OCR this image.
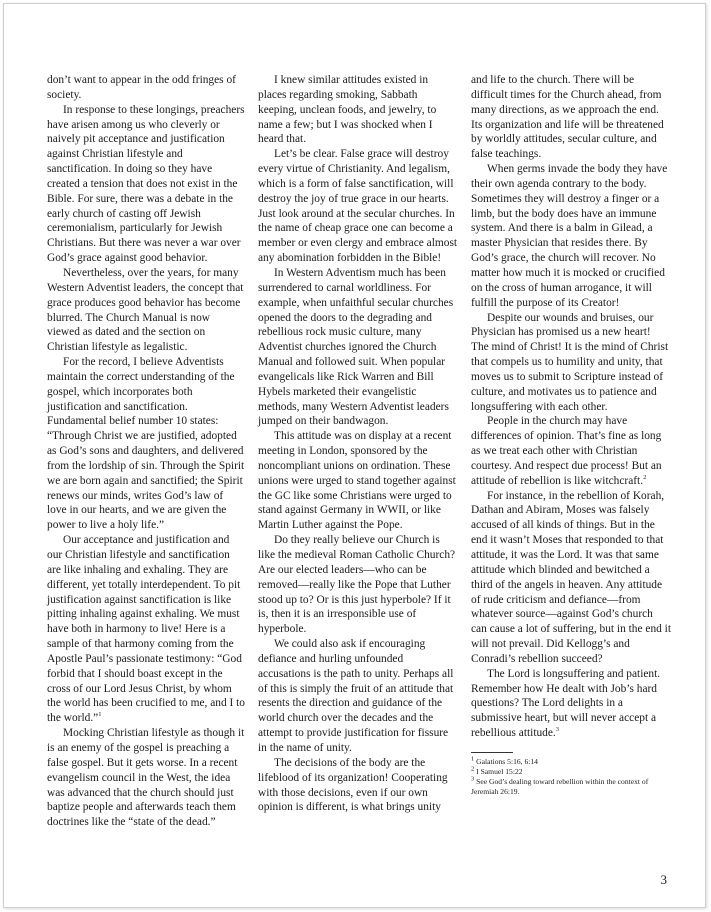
don’t want to appear in the odd fringes of society.

In response to these longings, preachers have arisen among us who cleverly or naively pit acceptance and justification against Christian lifestyle and sanctification. In doing so they have created a tension that does not exist in the Bible. For sure, there was a debate in the early church of casting off Jewish ceremonialism, particularly for Jewish Christians. But there was never a war over God’s grace against good behavior.

Nevertheless, over the years, for many Western Adventist leaders, the concept that grace produces good behavior has become blurred. The Church Manual is now viewed as dated and the section on Christian lifestyle as legalistic.

For the record, I believe Adventists maintain the correct understanding of the gospel, which incorporates both justification and sanctification. Fundamental belief number 10 states: “Through Christ we are justified, adopted as God’s sons and daughters, and delivered from the lordship of sin. Through the Spirit we are born again and sanctified; the Spirit renews our minds, writes God’s law of love in our hearts, and we are given the power to live a holy life.”

Our acceptance and justification and our Christian lifestyle and sanctification are like inhaling and exhaling. They are different, yet totally interdependent. To pit justification against sanctification is like pitting inhaling against exhaling. We must have both in harmony to live! Here is a sample of that harmony coming from the Apostle Paul’s passionate testimony: “God forbid that I should boast except in the cross of our Lord Jesus Christ, by whom the world has been crucified to me, and I to the world.”$^1$

Mocking Christian lifestyle as though it is an enemy of the gospel is preaching a false gospel. But it gets worse. In a recent evangelism council in the West, the idea was advanced that the church should just baptize people and afterwards teach them doctrines like the “state of the dead.”

I knew similar attitudes existed in places regarding smoking, Sabbath keeping, unclean foods, and jewelry, to name a few; but I was shocked when I heard that.

Let’s be clear. False grace will destroy every virtue of Christianity. And legalism, which is a form of false sanctification, will destroy the joy of true grace in our hearts. Just look around at the secular churches. In the name of cheap grace one can become a member or even clergy and embrace almost any abomination forbidden in the Bible!

In Western Adventism much has been surrendered to carnal worldliness. For example, when unfaithful secular churches opened the doors to the degrading and rebellious rock music culture, many Adventist churches ignored the Church Manual and followed suit. When popular evangelicals like Rick Warren and Bill Hybels marketed their evangelistic methods, many Western Adventist leaders jumped on their bandwagon.

This attitude was on display at a recent meeting in London, sponsored by the noncompliant unions on ordination. These unions were urged to stand together against the GC like some Christians were urged to stand against Germany in WWII, or like Martin Luther against the Pope.

Do they really believe our Church is like the medieval Roman Catholic Church? Are our elected leaders—who can be removed—really like the Pope that Luther stood up to? Or is this just hyperbole? If it is, then it is an irresponsible use of hyperbole.

We could also ask if encouraging defiance and hurling unfounded accusations is the path to unity. Perhaps all of this is simply the fruit of an attitude that resents the direction and guidance of the world church over the decades and the attempt to provide justification for fissure in the name of unity.

The decisions of the body are the lifeblood of its organization! Cooperating with those decisions, even if our own opinion is different, is what brings unity

and life to the church. There will be difficult times for the Church ahead, from many directions, as we approach the end. Its organization and life will be threatened by worldly attitudes, secular culture, and false teachings.

When germs invade the body they have their own agenda contrary to the body. Sometimes they will destroy a finger or a limb, but the body does have an immune system. And there is a balm in Gilead, a master Physician that resides there. By God’s grace, the church will recover. No matter how much it is mocked or crucified on the cross of human arrogance, it will fulfill the purpose of its Creator!

Despite our wounds and bruises, our Physician has promised us a new heart! The mind of Christ! It is the mind of Christ that compels us to humility and unity, that moves us to submit to Scripture instead of culture, and motivates us to patience and longsuffering with each other.

People in the church may have differences of opinion. That’s fine as long as we treat each other with Christian courtesy. And respect due process! But an attitude of rebellion is like witchcraft.$^2$

For instance, in the rebellion of Korah, Dathan and Abiram, Moses was falsely accused of all kinds of things. But in the end it wasn’t Moses that responded to that attitude, it was the Lord. It was that same attitude which blinded and bewitched a third of the angels in heaven. Any attitude of rude criticism and defiance—from whatever source—against God’s church can cause a lot of suffering, but in the end it will not prevail. Did Kellogg’s and Conradi’s rebellion succeed?

The Lord is longsuffering and patient. Remember how He dealt with Job’s hard questions? The Lord delights in a submissive heart, but will never accept a rebellious attitude.$^3$

$^1$ Galations 5:16, 6:14

$^2$ I Samuel 15:22

$^3$ See God’s dealing toward rebellion within the context of Jeremiah 26:19.

3
